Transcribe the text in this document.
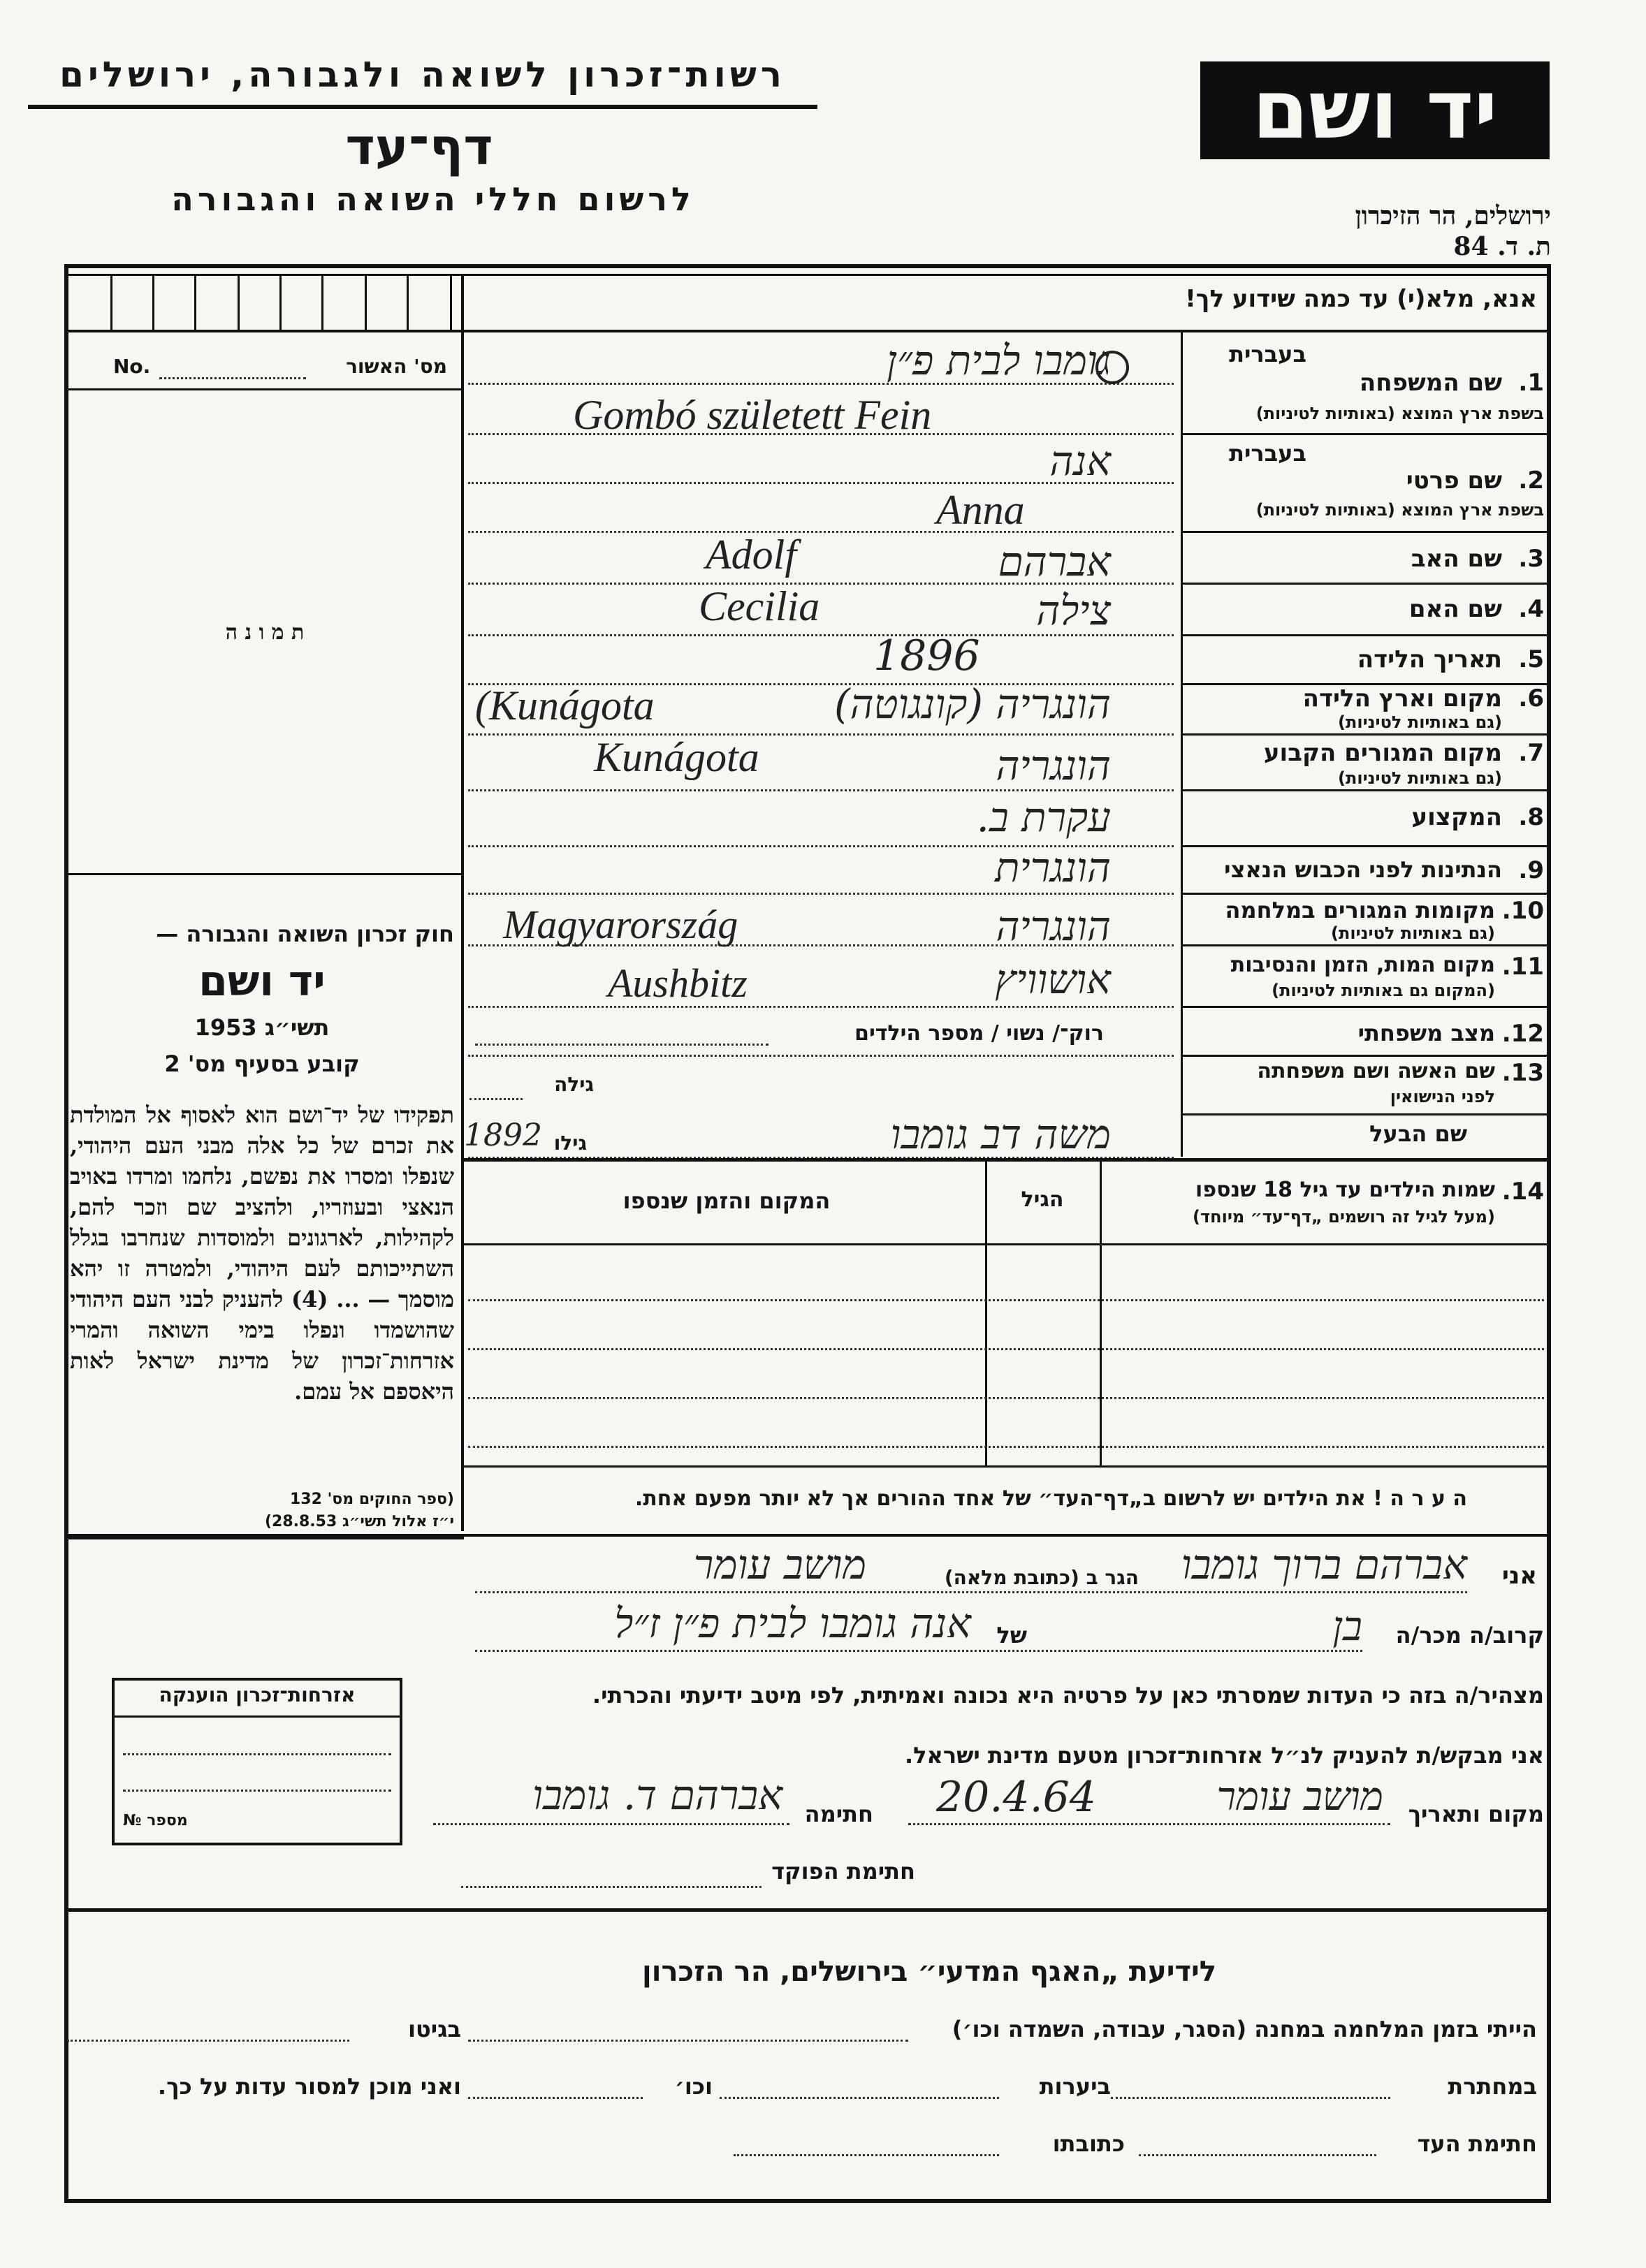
רשות־זכרון לשואה ולגבורה, ירושלים
דף־עד
לרשום חללי השואה והגבורה
יד ושם
ירושלים, הר הזיכרון
ת. ד. 84
אנא, מלא(י) עד כמה שידוע לך!
מס' האשור
No.
ת מ ו נ ה
חוק זכרון השואה והגבורה —
יד ושם
תשי״ג 1953
קובע בסעיף מס' 2
תפקידו של יד־ושם הוא לאסוף אל המולדת את זכרם של כל אלה מבני העם היהודי, שנפלו ומסרו את נפשם, נלחמו ומרדו באויב הנאצי ובעוזריו, ולהציב שם וזכר להם, לקהילות, לארגונים ולמוסדות שנחרבו בגלל השתייכותם לעם היהודי, ולמטרה זו יהא מוסמך — ... (4) להעניק לבני העם היהודי שהושמדו ונפלו בימי השואה והמרי אזרחות־זכרון של מדינת ישראל לאות היאספם אל עמם.
(ספר החוקים מס' 132
י״ז אלול תשי״ג 28.8.53)
אזרחות־זכרון הוענקה
מספר №
בעברית
1.
שם המשפחה
בשפת ארץ המוצא (באותיות לטיניות)
גומבו לבית פ״ן
Gombó született Fein
בעברית
2.
שם פרטי
בשפת ארץ המוצא (באותיות לטיניות)
אנה
Anna
3.
שם האב
אברהם
Adolf
4.
שם האם
צילה
Cecilia
5.
תאריך הלידה
1896
6.
מקום וארץ הלידה
(גם באותיות לטיניות)
הונגריה (קונגוטה)
(Kunágota
7.
מקום המגורים הקבוע
(גם באותיות לטיניות)
הונגריה
Kunágota
8.
המקצוע
עקרת ב.
9.
הנתינות לפני הכבוש הנאצי
הונגרית
10.
מקומות המגורים במלחמה
(גם באותיות לטיניות)
הונגריה
Magyarország
11.
מקום המות, הזמן והנסיבות
(המקום גם באותיות לטיניות)
אושוויץ
Aushbitz
12.
מצב משפחתי
רוק־/ נשוי / מספר הילדים
13.
שם האשה ושם משפחתה
לפני הנישואין
גילה
שם הבעל
משה דב גומבו
גילו
1892
14.
שמות הילדים עד גיל 18 שנספו
(מעל לגיל זה רושמים „דף־עד״ מיוחד)
הגיל
המקום והזמן שנספו
ה ע ר ה ! את הילדים יש לרשום ב„דף־העד״ של אחד ההורים אך לא יותר מפעם אחת.
אני
אברהם ברוך גומבו
הגר ב (כתובת מלאה)
מושב עומר
קרוב/ה מכר/ה
בן
של
אנה גומבו לבית פ״ן ז״ל
מצהיר/ה בזה כי העדות שמסרתי כאן על פרטיה היא נכונה ואמיתית, לפי מיטב ידיעתי והכרתי.
אני מבקש/ת להעניק לנ״ל אזרחות־זכרון מטעם מדינת ישראל.
מקום ותאריך
מושב עומר
20.4.64
חתימה
אברהם ד. גומבו
חתימת הפוקד
לידיעת „האגף המדעי״ בירושלים, הר הזכרון
הייתי בזמן המלחמה במחנה (הסגר, עבודה, השמדה וכו׳)
בגיטו
במחתרת
ביערות
וכו׳
ואני מוכן למסור עדות על כך.
חתימת העד
כתובתו
